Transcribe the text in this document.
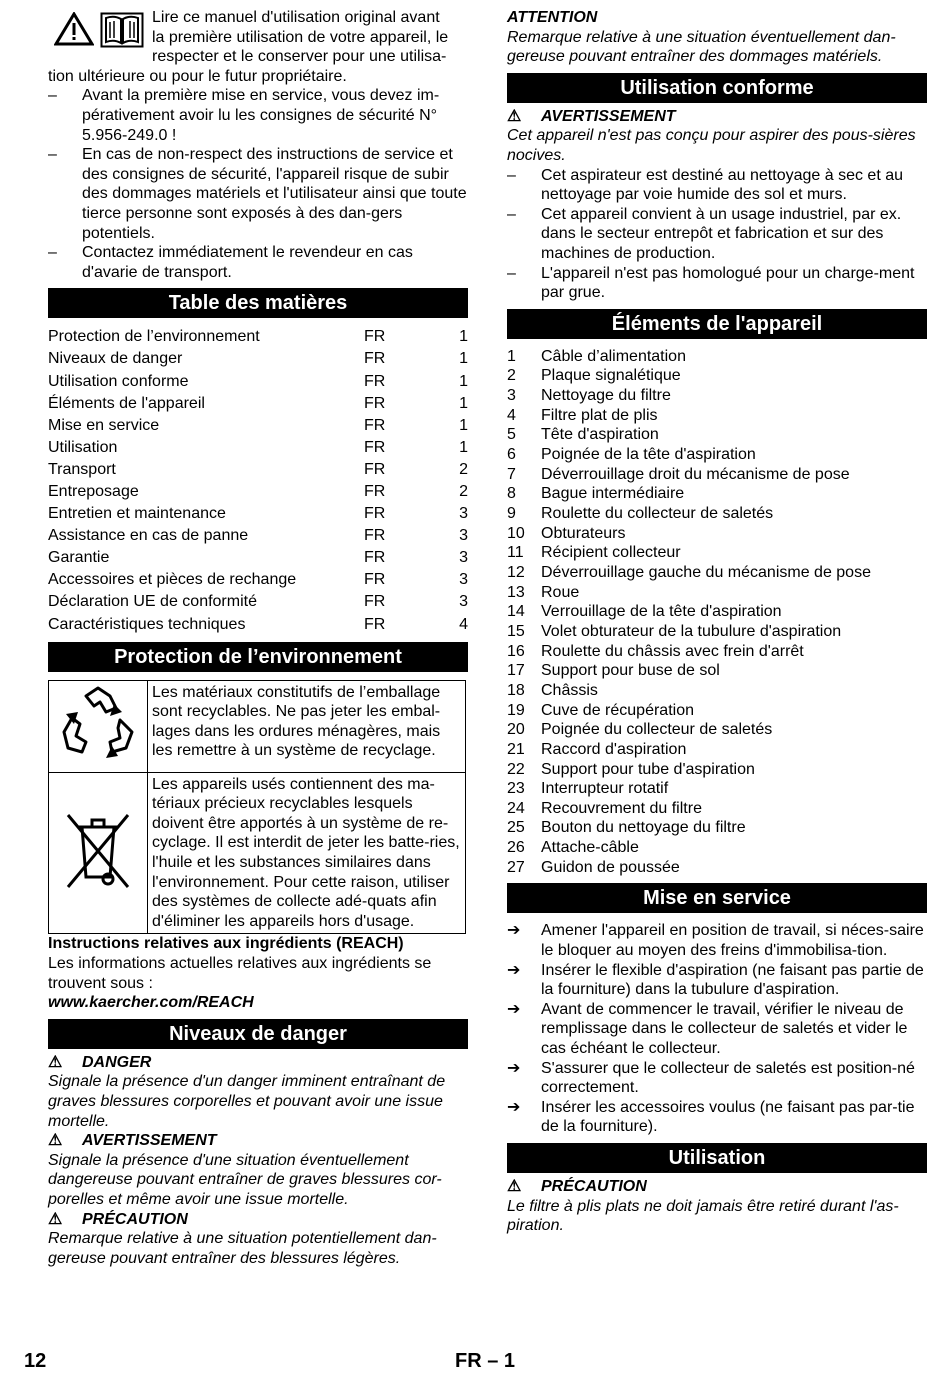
Lire ce manuel d'utilisation original avant

la première utilisation de votre appareil, le

respecter et le conserver pour une utilisa-

tion ultérieure ou pour le futur propriétaire.

–	Avant la première mise en service, vous devez im-pérativement avoir lu les consignes de sécurité N° 5.956-249.0 !
–	En cas de non-respect des instructions de service et des consignes de sécurité, l'appareil risque de subir des dommages matériels et l'utilisateur ainsi que toute tierce personne sont exposés à des dan-gers potentiels.
–	Contactez immédiatement le revendeur en cas d'avarie de transport.
Table des matières
Protection de l’environnement	FR	1
Niveaux de danger	FR	1
Utilisation conforme	FR	1
Éléments de l'appareil	FR	1
Mise en service	FR	1
Utilisation	FR	1
Transport	FR	2
Entreposage	FR	2
Entretien et maintenance	FR	3
Assistance en cas de panne	FR	3
Garantie	FR	3
Accessoires et pièces de rechange	FR	3
Déclaration UE de conformité	FR	3
Caractéristiques techniques	FR	4
Protection de l’environnement
	Les matériaux constitutifs de l’emballage sont recyclables. Ne pas jeter les embal-lages dans les ordures ménagères, mais les remettre à un système de recyclage.
	Les appareils usés contiennent des ma-tériaux précieux recyclables lesquels doivent être apportés à un système de re-cyclage. Il est interdit de jeter les batte-ries, l'huile et les substances similaires dans l'environnement. Pour cette raison, utiliser des systèmes de collecte adé-quats afin d'éliminer les appareils hors d'usage.

Instructions relatives aux ingrédients (REACH)

Les informations actuelles relatives aux ingrédients se trouvent sous :

www.kaercher.com/REACH

Niveaux de danger
⚠	DANGER

Signale la présence d'un danger imminent entraînant de graves blessures corporelles et pouvant avoir une issue mortelle.

⚠	AVERTISSEMENT

Signale la présence d'une situation éventuellement dangereuse pouvant entraîner de graves blessures cor-porelles et même avoir une issue mortelle.

⚠	PRÉCAUTION

Remarque relative à une situation potentiellement dan-gereuse pouvant entraîner des blessures légères.

ATTENTION

Remarque relative à une situation éventuellement dan-gereuse pouvant entraîner des dommages matériels.

Utilisation conforme
⚠	AVERTISSEMENT

Cet appareil n'est pas conçu pour aspirer des pous-sières nocives.

–	Cet aspirateur est destiné au nettoyage à sec et au nettoyage par voie humide des sol et murs.
–	Cet appareil convient à un usage industriel, par ex. dans le secteur entrepôt et fabrication et sur des machines de production.
–	L'appareil n'est pas homologué pour un charge-ment par grue.
Éléments de l'appareil
1	Câble d’alimentation
2	Plaque signalétique
3	Nettoyage du filtre
4	Filtre plat de plis
5	Tête d'aspiration
6	Poignée de la tête d'aspiration
7	Déverrouillage droit du mécanisme de pose
8	Bague intermédiaire
9	Roulette du collecteur de saletés
10	Obturateurs
11	Récipient collecteur
12	Déverrouillage gauche du mécanisme de pose
13	Roue
14	Verrouillage de la tête d'aspiration
15	Volet obturateur de la tubulure d'aspiration
16	Roulette du châssis avec frein d'arrêt
17	Support pour buse de sol
18	Châssis
19	Cuve de récupération
20	Poignée du collecteur de saletés
21	Raccord d'aspiration
22	Support pour tube d'aspiration
23	Interrupteur rotatif
24	Recouvrement du filtre
25	Bouton du nettoyage du filtre
26	Attache-câble
27	Guidon de poussée
Mise en service
➔	Amener l'appareil en position de travail, si néces-saire le bloquer au moyen des freins d'immobilisa-tion.
➔	Insérer le flexible d'aspiration (ne faisant pas partie de la fourniture) dans la tubulure d'aspiration.
➔	Avant de commencer le travail, vérifier le niveau de remplissage dans le collecteur de saletés et vider le cas échéant le collecteur.
➔	S'assurer que le collecteur de saletés est position-né correctement.
➔	Insérer les accessoires voulus (ne faisant pas par-tie de la fourniture).
Utilisation
⚠	PRÉCAUTION

Le filtre à plis plats ne doit jamais être retiré durant l'as-piration.

12	FR – 1
